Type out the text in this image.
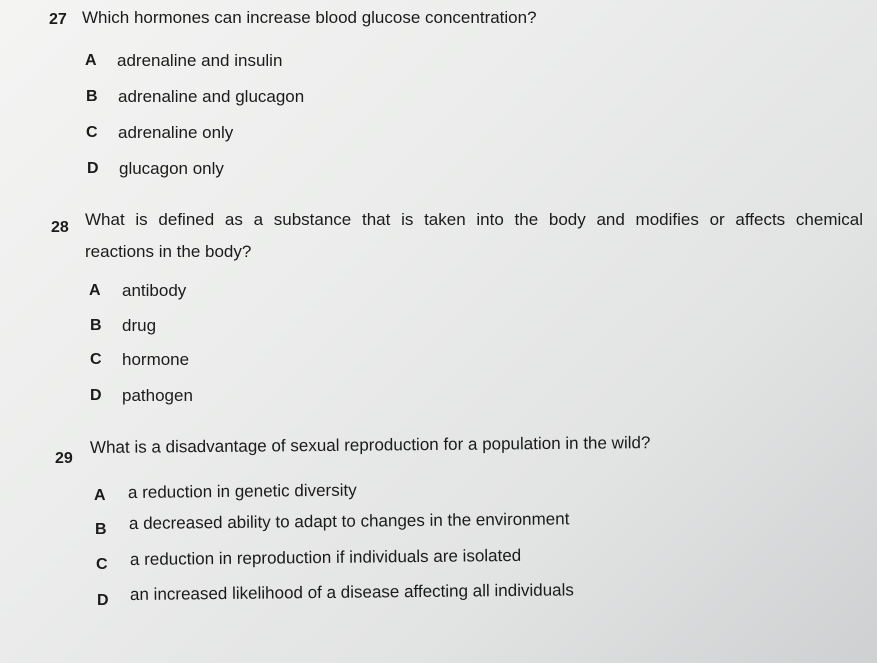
27 Which hormones can increase blood glucose concentration?
A adrenaline and insulin
B adrenaline and glucagon
C adrenaline only
D glucagon only
28 What is defined as a substance that is taken into the body and modifies or affects chemical
reactions in the body?
A antibody
B drug
C hormone
D pathogen
29
What is a disadvantage of sexual reproduction for a population in the wild?
A a reduction in genetic diversity
B a decreased ability to adapt to changes in the environment
C a reduction in reproduction if individuals are isolated
D an increased likelihood of a disease affecting all individuals
